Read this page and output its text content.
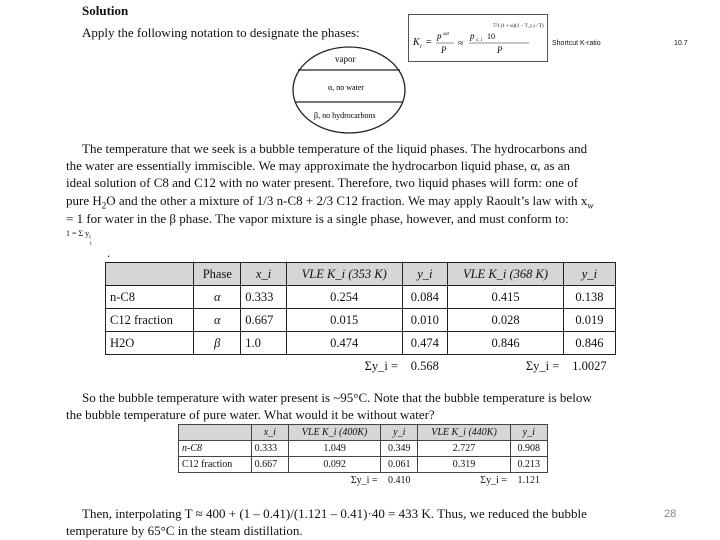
Solution
Apply the following notation to designate the phases:
K i =
p sat
P
≈
p c, i 10
7/3 (1 + ω)(1 − T_c,i / T)
P
Shortcut K-ratio	10.7
vapor
α, no water
β, no hydrocarbons
The temperature that we seek is a bubble temperature of the liquid phases. The hydrocarbons and
the water are essentially immiscible. We may approximate the hydrocarbon liquid phase, α, as an
ideal solution of C8 and C12 with no water present. Therefore, two liquid phases will form: one of
pure $H_2O$ and the other a mixture of 1/3 n-C8 + 2/3 C12 fraction. We may apply Raoult’s law with $x_w$
= 1 for water in the β phase. The vapor mixture is a single phase, however, and must conform to:
1 = Σ $y_i$
i
.
	Phase	x_i	VLE K_i (353 K)	y_i	VLE K_i (368 K)	y_i
n-C8	α	0.333	0.254	0.084	0.415	0.138
C12 fraction	α	0.667	0.015	0.010	0.028	0.019
H2O	β	1.0	0.474	0.474	0.846	0.846
			Σy_i =	0.568	Σy_i =	1.0027
So the bubble temperature with water present is ~95°C. Note that the bubble temperature is below
the bubble temperature of pure water. What would it be without water?
	x_i	VLE K_i (400K)	y_i	VLE K_i (440K)	y_i
n-C8	0.333	1.049	0.349	2.727	0.908
C12 fraction	0.667	0.092	0.061	0.319	0.213
		Σy_i =	0.410	Σy_i =	1.121
Then, interpolating T ≈ 400 + (1 – 0.41)/(1.121 – 0.41)·40 = 433 K. Thus, we reduced the bubble
temperature by 65°C in the steam distillation.
28
